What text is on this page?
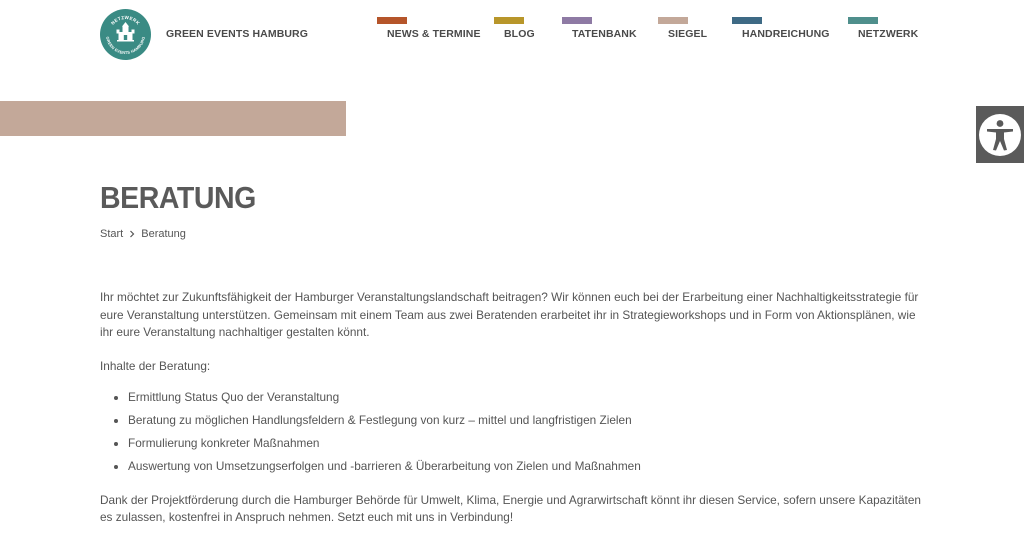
NETZWERK
GREEN EVENTS HAMBURG GREEN EVENTS HAMBURG	NEWS & TERMINE BLOG	TATENBANK	SIEGEL	HANDREICHUNG	NETZWERK
BERATUNG
Start Beratung

Ihr möchtet zur Zukunftsfähigkeit der Hamburger Veranstaltungslandschaft beitragen? Wir können euch bei der Erarbeitung einer Nachhaltigkeitsstrategie für eure Veranstaltung unterstützen. Gemeinsam mit einem Team aus zwei Beratenden erarbeitet ihr in Strategieworkshops und in Form von Aktionsplänen, wie ihr eure Veranstaltung nachhaltiger gestalten könnt.

Inhalte der Beratung:

• Ermittlung Status Quo der Veranstaltung
• Beratung zu möglichen Handlungsfeldern & Festlegung von kurz – mittel und langfristigen Zielen
• Formulierung konkreter Maßnahmen
• Auswertung von Umsetzungserfolgen und -barrieren & Überarbeitung von Zielen und Maßnahmen

Dank der Projektförderung durch die Hamburger Behörde für Umwelt, Klima, Energie und Agrarwirtschaft könnt ihr diesen Service, sofern unsere Kapazitäten es zulassen, kostenfrei in Anspruch nehmen. Setzt euch mit uns in Verbindung!
